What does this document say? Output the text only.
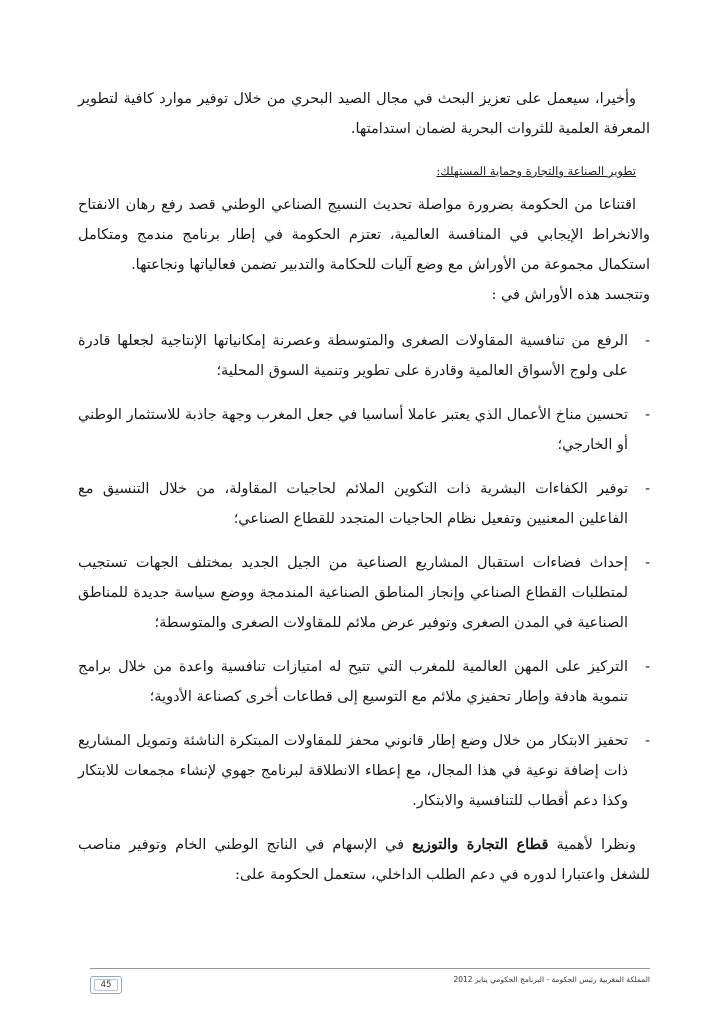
وأخيرا، سيعمل على تعزيز البحث في مجال الصيد البحري من خلال توفير موارد كافية لتطوير المعرفة العلمية للثروات البحرية لضمان استدامتها.

تطوير الصناعة والتجارة وحماية المستهلك:

اقتناعا من الحكومة بضرورة مواصلة تحديث النسيج الصناعي الوطني قصد رفع رهان الانفتاح والانخراط الإيجابي في المنافسة العالمية، تعتزم الحكومة في إطار برنامج مندمج ومتكامل استكمال مجموعة من الأوراش مع وضع آليات للحكامة والتدبير تضمن فعالياتها ونجاعتها.

وتتجسد هذه الأوراش في :

-
الرفع من تنافسية المقاولات الصغرى والمتوسطة وعصرنة إمكانياتها الإنتاجية لجعلها قادرة على ولوج الأسواق العالمية وقادرة على تطوير وتنمية السوق المحلية؛
-
تحسين مناخ الأعمال الذي يعتبر عاملا أساسيا في جعل المغرب وجهة جاذبة للاستثمار الوطني أو الخارجي؛
-
توفير الكفاءات البشرية ذات التكوين الملائم لحاجيات المقاولة، من خلال التنسيق مع الفاعلين المعنيين وتفعيل نظام الحاجيات المتجدد للقطاع الصناعي؛
-
إحداث فضاءات استقبال المشاريع الصناعية من الجيل الجديد بمختلف الجهات تستجيب لمتطلبات القطاع الصناعي وإنجاز المناطق الصناعية المندمجة ووضع سياسة جديدة للمناطق الصناعية في المدن الصغرى وتوفير عرض ملائم للمقاولات الصغرى والمتوسطة؛
-
التركيز على المهن العالمية للمغرب التي تتيح له امتيازات تنافسية واعدة من خلال برامج تنموية هادفة وإطار تحفيزي ملائم مع التوسيع إلى قطاعات أخرى كصناعة الأدوية؛
-
تحفيز الابتكار من خلال وضع إطار قانوني محفز للمقاولات المبتكرة الناشئة وتمويل المشاريع ذات إضافة نوعية في هذا المجال، مع إعطاء الانطلاقة لبرنامج جهوي لإنشاء مجمعات للابتكار وكذا دعم أقطاب للتنافسية والابتكار.

ونظرا لأهمية قطاع التجارة والتوزيع في الإسهام في الناتج الوطني الخام وتوفير مناصب للشغل واعتبارا لدوره في دعم الطلب الداخلي، ستعمل الحكومة على:

المملكة المغربية رئيس الحكومة - البرنامج الحكومي يناير 2012
45
